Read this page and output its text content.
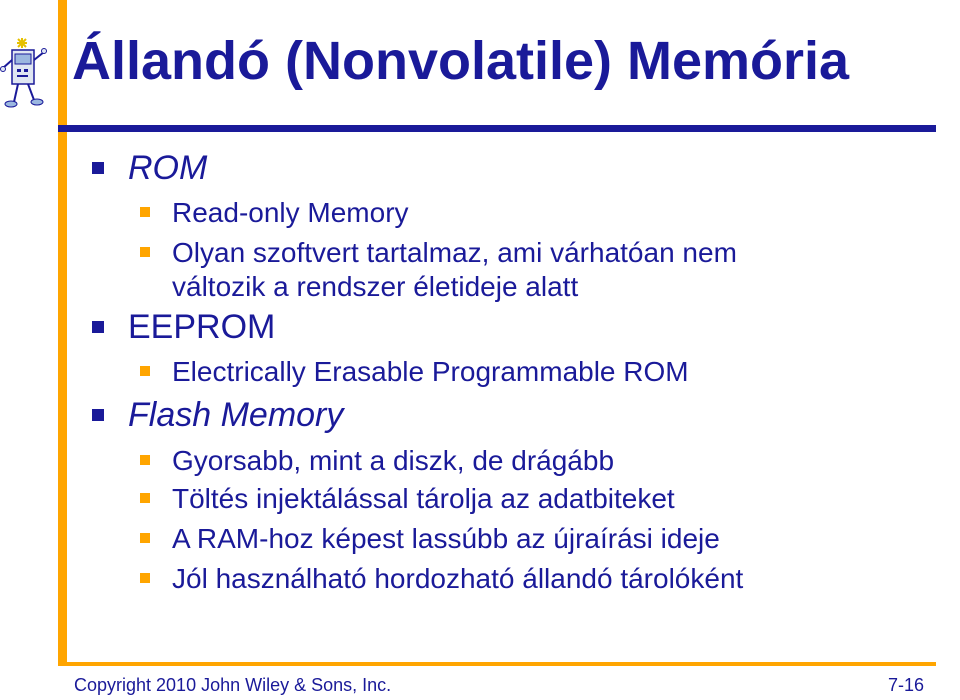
Állandó (Nonvolatile) Memória
ROM
Read-only Memory
Olyan szoftvert tartalmaz, ami várhatóan nem
változik a rendszer életideje alatt
EEPROM
Electrically Erasable Programmable ROM
Flash Memory
Gyorsabb, mint a diszk, de drágább
Töltés injektálással tárolja az adatbiteket
A RAM-hoz képest lassúbb az újraírási ideje
Jól használható hordozható állandó tárolóként
Copyright 2010 John Wiley & Sons, Inc.	7-16
